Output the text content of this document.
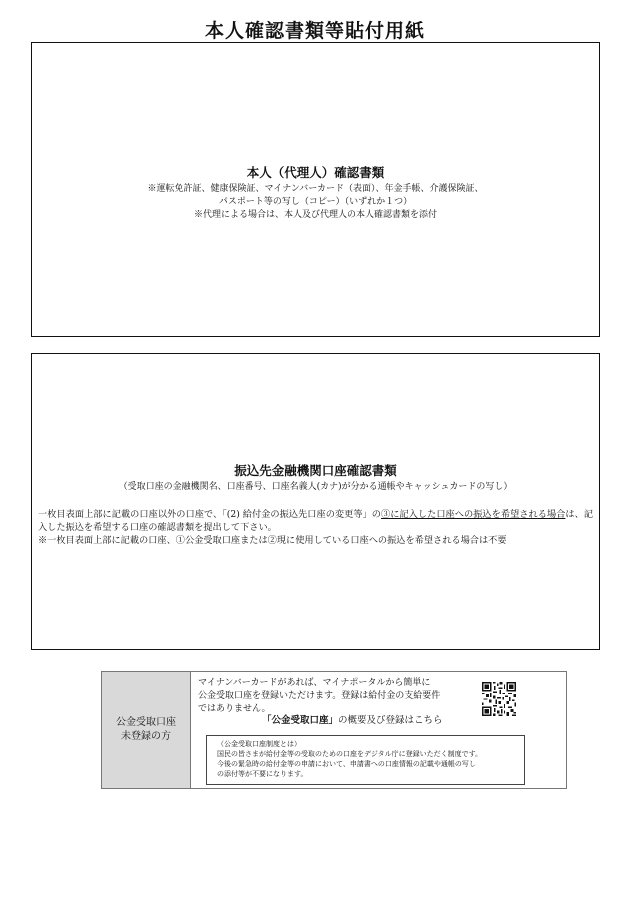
本人確認書類等貼付用紙
本人（代理人）確認書類
※運転免許証、健康保険証、マイナンバーカード（表面）、年金手帳、介護保険証、
パスポート等の写し（コピー）（いずれか１つ）
※代理による場合は、本人及び代理人の本人確認書類を添付
振込先金融機関口座確認書類
（受取口座の金融機関名、口座番号、口座名義人(カナ)が分かる通帳やキャッシュカードの写し）
一枚目表面上部に記載の口座以外の口座で、「(2) 給付金の振込先口座の変更等」の③に記入した口座への振込を希望される場合は、記入した振込を希望する口座の確認書類を提出して下さい。
※一枚目表面上部に記載の口座、①公金受取口座または②現に使用している口座への振込を希望される場合は不要
公金受取口座
未登録の方
マイナンバーカードがあれば、マイナポータルから簡単に
公金受取口座を登録いただけます。登録は給付金の支給要件
ではありません。
「公金受取口座」の概要及び登録はこちら
（公金受取口座制度とは）
国民の皆さまが給付金等の受取のための口座をデジタル庁に登録いただく制度です。
今後の緊急時の給付金等の申請において、申請書への口座情報の記載や通帳の写し
の添付等が不要になります。
